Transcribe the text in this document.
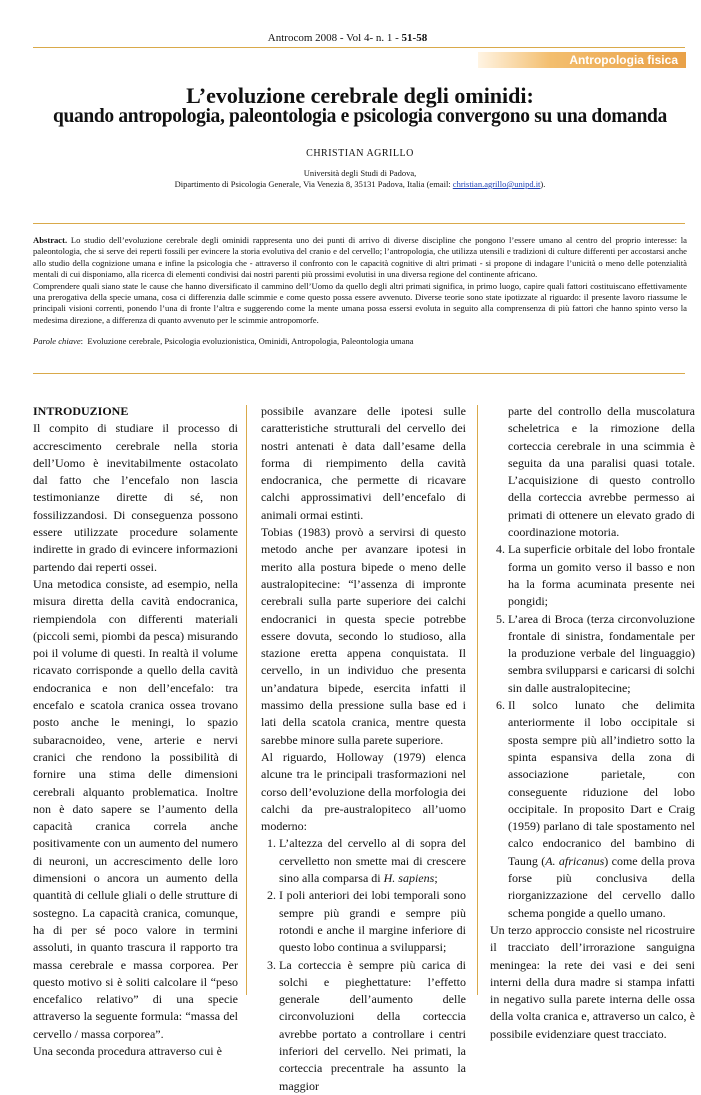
Antrocom 2008 - Vol 4- n. 1 - 51-58
Antropologia fisica
L’evoluzione cerebrale degli ominidi:
quando antropologia, paleontologia e psicologia convergono su una domanda
CHRISTIAN AGRILLO
Università degli Studi di Padova,
Dipartimento di Psicologia Generale, Via Venezia 8, 35131 Padova, Italia (email: christian.agrillo@unipd.it).

Abstract. Lo studio dell’evoluzione cerebrale degli ominidi rappresenta uno dei punti di arrivo di diverse discipline che pongono l’essere umano al centro del proprio interesse: la paleontologia, che si serve dei reperti fossili per evincere la storia evolutiva del cranio e del cervello; l’antropologia, che utilizza utensili e tradizioni di culture differenti per accostarsi anche allo studio della cognizione umana e infine la psicologia che - attraverso il confronto con le capacità cognitive di altri primati - si propone di indagare l’unicità o meno delle potenzialità mentali di cui disponiamo, alla ricerca di elementi condivisi dai nostri parenti più prossimi evolutisi in una diversa regione del continente africano.

Comprendere quali siano state le cause che hanno diversificato il cammino dell’Uomo da quello degli altri primati significa, in primo luogo, capire quali fattori costituiscano effettivamente una prerogativa della specie umana, cosa ci differenzia dalle scimmie e come questo possa essere avvenuto. Diverse teorie sono state ipotizzate al riguardo: il presente lavoro riassume le principali visioni correnti, ponendo l’una di fronte l’altra e suggerendo come la mente umana possa essersi evoluta in seguito alla comprensenza di più fattori che hanno spinto verso la medesima direzione, a differenza di quanto avvenuto per le scimmie antropomorfe.

Parole chiave:  Evoluzione cerebrale, Psicologia evoluzionistica, Ominidi, Antropologia, Paleontologia umana

INTRODUZIONE

Il compito di studiare il processo di accrescimento cerebrale nella storia dell’Uomo è inevitabilmente ostacolato dal fatto che l’encefalo non lascia testimonianze dirette di sé, non fossilizzandosi. Di conseguenza possono essere utilizzate procedure solamente indirette in grado di evincere informazioni partendo dai reperti ossei.

Una metodica consiste, ad esempio, nella misura diretta della cavità endocranica, riempiendola con differenti materiali (piccoli semi, piombi da pesca) misurando poi il volume di questi. In realtà il volume ricavato corrisponde a quello della cavità endocranica e non dell’encefalo: tra encefalo e scatola cranica ossea trovano posto anche le meningi, lo spazio subaracnoideo, vene, arterie e nervi cranici che rendono la possibilità di fornire una stima delle dimensioni cerebrali alquanto problematica. Inoltre non è dato sapere se l’aumento della capacità cranica correla anche positivamente con un aumento del numero di neuroni, un accrescimento delle loro dimensioni o ancora un aumento della quantità di cellule gliali o delle strutture di sostegno. La capacità cranica, comunque, ha di per sé poco valore in termini assoluti, in quanto trascura il rapporto tra massa cerebrale e massa corporea. Per questo motivo si è soliti calcolare il “peso encefalico relativo” di una specie attraverso la seguente formula: “massa del cervello / massa corporea”.

Una seconda procedura attraverso cui è

possibile avanzare delle ipotesi sulle caratteristiche strutturali del cervello dei nostri antenati è data dall’esame della forma di riempimento della cavità endocranica, che permette di ricavare calchi approssimativi dell’encefalo di animali ormai estinti.

Tobias (1983) provò a servirsi di questo metodo anche per avanzare ipotesi in merito alla postura bipede o meno delle australopitecine: “l’assenza di impronte cerebrali sulla parte superiore dei calchi endocranici in questa specie potrebbe essere dovuta, secondo lo studioso, alla stazione eretta appena conquistata. Il cervello, in un individuo che presenta un’andatura bipede, esercita infatti il massimo della pressione sulla base ed i lati della scatola cranica, mentre questa sarebbe minore sulla parete superiore.

Al riguardo, Holloway (1979) elenca alcune tra le principali trasformazioni nel corso dell’evoluzione della morfologia dei calchi da pre-australopiteco all’uomo moderno:

1. L’altezza del cervello al di sopra del cervelletto non smette mai di crescere sino alla comparsa di H. sapiens;
2. I poli anteriori dei lobi temporali sono sempre più grandi e sempre più rotondi e anche il margine inferiore di questo lobo continua a svilupparsi;
3. La corteccia è sempre più carica di solchi e pieghettature: l’effetto generale dell’aumento delle circonvoluzioni della corteccia avrebbe portato a controllare i centri inferiori del cervello. Nei primati, la corteccia precentrale ha assunto la maggior

parte del controllo della muscolatura scheletrica e la rimozione della corteccia cerebrale in una scimmia è seguita da una paralisi quasi totale. L’acquisizione di questo controllo della corteccia avrebbe permesso ai primati di ottenere un elevato grado di coordinazione motoria.

4. La superficie orbitale del lobo frontale forma un gomito verso il basso e non ha la forma acuminata presente nei pongidi;
5. L’area di Broca (terza circonvoluzione frontale di sinistra, fondamentale per la produzione verbale del linguaggio) sembra svilupparsi e caricarsi di solchi sin dalle australopitecine;
6. Il solco lunato che delimita anteriormente il lobo occipitale si sposta sempre più all’indietro sotto la spinta espansiva della zona di associazione parietale, con conseguente riduzione del lobo occipitale. In proposito Dart e Craig (1959) parlano di tale spostamento nel calco endocranico del bambino di Taung (A. africanus) come della prova forse più conclusiva della riorganizzazione del cervello dallo schema pongide a quello umano.

Un terzo approccio consiste nel ricostruire il tracciato dell’irrorazione sanguigna meningea: la rete dei vasi e dei seni interni della dura madre si stampa infatti in negativo sulla parete interna delle ossa della volta cranica e, attraverso un calco, è possibile evidenziare quest tracciato.
